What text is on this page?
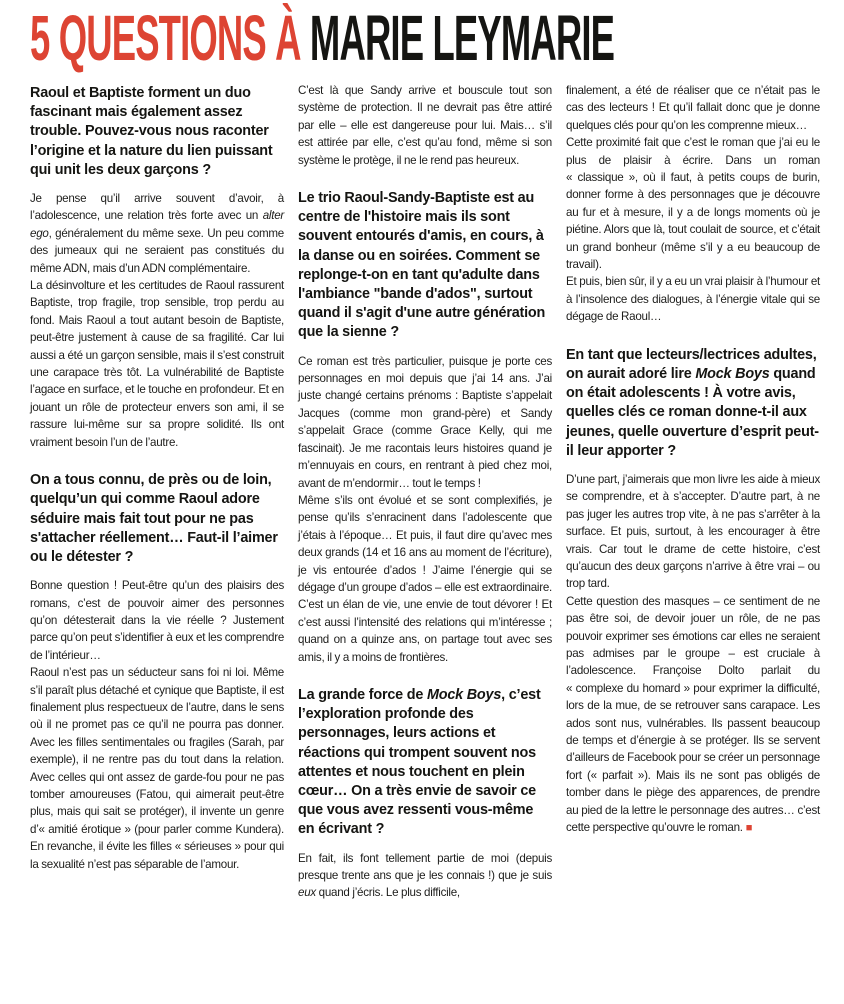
5 QUESTIONS À MARIE LEYMARIE
Raoul et Baptiste forment un duo fascinant mais également assez trouble. Pouvez-vous nous raconter l’origine et la nature du lien puissant qui unit les deux garçons ?

Je pense qu’il arrive souvent d’avoir, à l’adolescence, une relation très forte avec un alter ego, généralement du même sexe. Un peu comme des jumeaux qui ne seraient pas constitués du même ADN, mais d’un ADN complémentaire.

La désinvolture et les certitudes de Raoul rassurent Baptiste, trop fragile, trop sensible, trop perdu au fond. Mais Raoul a tout autant besoin de Baptiste, peut-être justement à cause de sa fragilité. Car lui aussi a été un garçon sensible, mais il s’est construit une carapace très tôt. La vulnérabilité de Baptiste l’agace en surface, et le touche en profondeur. Et en jouant un rôle de protecteur envers son ami, il se rassure lui-même sur sa propre solidité. Ils ont vraiment besoin l’un de l’autre.

On a tous connu, de près ou de loin, quelqu’un qui comme Raoul adore séduire mais fait tout pour ne pas s'attacher réellement… Faut-il l’aimer ou le détester ?

Bonne question ! Peut-être qu’un des plaisirs des romans, c’est de pouvoir aimer des personnes qu’on détesterait dans la vie réelle ? Justement parce qu’on peut s’identifier à eux et les comprendre de l’intérieur…

Raoul n’est pas un séducteur sans foi ni loi. Même s’il paraît plus détaché et cynique que Baptiste, il est finalement plus respectueux de l’autre, dans le sens où il ne promet pas ce qu’il ne pourra pas donner. Avec les filles sentimentales ou fragiles (Sarah, par exemple), il ne rentre pas du tout dans la relation. Avec celles qui ont assez de garde-fou pour ne pas tomber amoureuses (Fatou, qui aimerait peut-être plus, mais qui sait se protéger), il invente un genre d’« amitié érotique » (pour parler comme Kundera). En revanche, il évite les filles « sérieuses » pour qui la sexualité n’est pas séparable de l’amour.

C’est là que Sandy arrive et bouscule tout son système de protection. Il ne devrait pas être attiré par elle – elle est dangereuse pour lui. Mais… s’il est attirée par elle, c’est qu’au fond, même si son système le protège, il ne le rend pas heureux.

Le trio Raoul-Sandy-Baptiste est au centre de l'histoire mais ils sont souvent entourés d'amis, en cours, à la danse ou en soirées. Comment se replonge-t-on en tant qu'adulte dans l'ambiance "bande d'ados", surtout quand il s'agit d'une autre génération que la sienne ?

Ce roman est très particulier, puisque je porte ces personnages en moi depuis que j’ai 14 ans. J’ai juste changé certains prénoms : Baptiste s’appelait Jacques (comme mon grand-père) et Sandy s’appelait Grace (comme Grace Kelly, qui me fascinait). Je me racontais leurs histoires quand je m’ennuyais en cours, en rentrant à pied chez moi, avant de m’endormir… tout le temps !

Même s’ils ont évolué et se sont complexifiés, je pense qu’ils s’enracinent dans l’adolescente que j’étais à l’époque… Et puis, il faut dire qu’avec mes deux grands (14 et 16 ans au moment de l’écriture), je vis entourée d’ados ! J’aime l’énergie qui se dégage d’un groupe d’ados – elle est extraordinaire. C’est un élan de vie, une envie de tout dévorer ! Et c’est aussi l’intensité des relations qui m’intéresse ; quand on a quinze ans, on partage tout avec ses amis, il y a moins de frontières.

La grande force de Mock Boys, c’est l’exploration profonde des personnages, leurs actions et réactions qui trompent souvent nos attentes et nous touchent en plein cœur… On a très envie de savoir ce que vous avez ressenti vous-même en écrivant ?

En fait, ils font tellement partie de moi (depuis presque trente ans que je les connais !) que je suis eux quand j’écris. Le plus difficile,

finalement, a été de réaliser que ce n’était pas le cas des lecteurs ! Et qu’il fallait donc que je donne quelques clés pour qu’on les comprenne mieux…

Cette proximité fait que c’est le roman que j’ai eu le plus de plaisir à écrire. Dans un roman « classique », où il faut, à petits coups de burin, donner forme à des personnages que je découvre au fur et à mesure, il y a de longs moments où je piétine. Alors que là, tout coulait de source, et c’était un grand bonheur (même s’il y a eu beaucoup de travail).

Et puis, bien sûr, il y a eu un vrai plaisir à l’humour et à l’insolence des dialogues, à l’énergie vitale qui se dégage de Raoul…

En tant que lecteurs/lectrices adultes, on aurait adoré lire Mock Boys quand on était adolescents ! À votre avis, quelles clés ce roman donne-t-il aux jeunes, quelle ouverture d’esprit peut-il leur apporter ?

D’une part, j’aimerais que mon livre les aide à mieux se comprendre, et à s’accepter. D’autre part, à ne pas juger les autres trop vite, à ne pas s’arrêter à la surface. Et puis, surtout, à les encourager à être vrais. Car tout le drame de cette histoire, c’est qu’aucun des deux garçons n’arrive à être vrai – ou trop tard.

Cette question des masques – ce sentiment de ne pas être soi, de devoir jouer un rôle, de ne pas pouvoir exprimer ses émotions car elles ne seraient pas admises par le groupe – est cruciale à l’adolescence. Françoise Dolto parlait du « complexe du homard » pour exprimer la difficulté, lors de la mue, de se retrouver sans carapace. Les ados sont nus, vulnérables. Ils passent beaucoup de temps et d’énergie à se protéger. Ils se servent d’ailleurs de Facebook pour se créer un personnage fort (« parfait »). Mais ils ne sont pas obligés de tomber dans le piège des apparences, de prendre au pied de la lettre le personnage des autres… c’est cette perspective qu’ouvre le roman. ■
